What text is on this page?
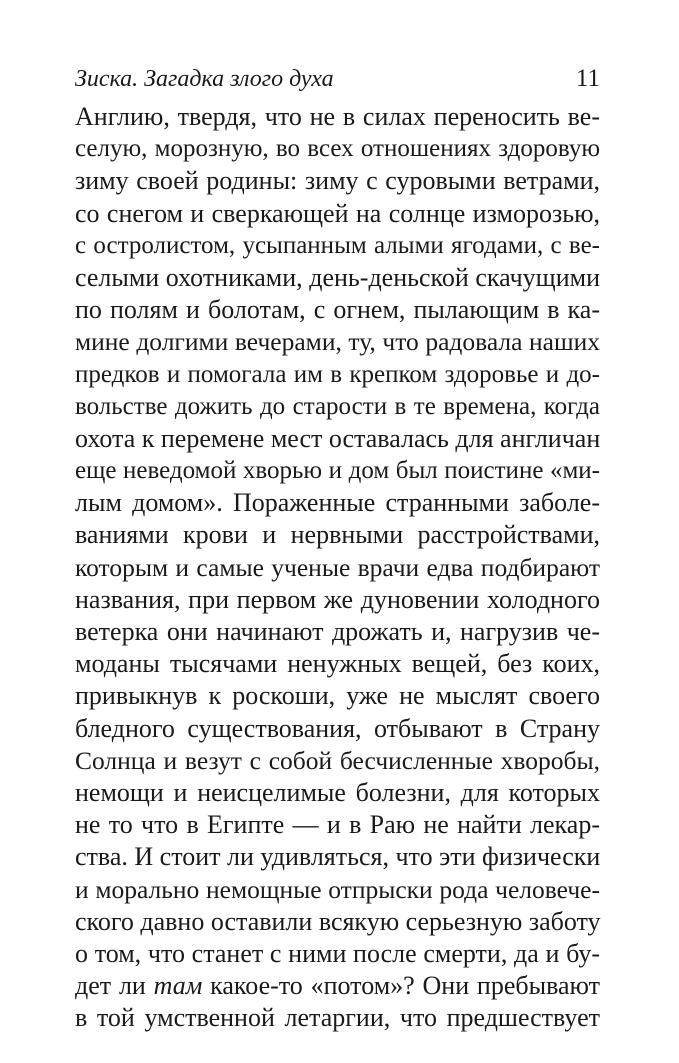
Зиска. Загадка злого духа	11
Англию, твердя, что не в силах переносить ве-
селую, морозную, во всех отношениях здоровую
зиму своей родины: зиму с суровыми ветрами,
со снегом и сверкающей на солнце изморозью,
с остролистом, усыпанным алыми ягодами, с ве-
селыми охотниками, день-деньской скачущими
по полям и болотам, с огнем, пылающим в ка-
мине долгими вечерами, ту, что радовала наших
предков и помогала им в крепком здоровье и до-
вольстве дожить до старости в те времена, когда
охота к перемене мест оставалась для англичан
еще неведомой хворью и дом был поистине «ми-
лым домом». Пораженные странными заболе-
ваниями крови и нервными расстройствами,
которым и самые ученые врачи едва подбирают
названия, при первом же дуновении холодного
ветерка они начинают дрожать и, нагрузив че-
моданы тысячами ненужных вещей, без коих,
привыкнув к роскоши, уже не мыслят своего
бледного существования, отбывают в Страну
Солнца и везут с собой бесчисленные хворобы,
немощи и неисцелимые болезни, для которых
не то что в Египте — и в Раю не найти лекар-
ства. И стоит ли удивляться, что эти физически
и морально немощные отпрыски рода человече-
ского давно оставили всякую серьезную заботу
о том, что станет с ними после смерти, да и бу-
дет ли там какое-то «потом»? Они пребывают
в той умственной летаргии, что предшествует
